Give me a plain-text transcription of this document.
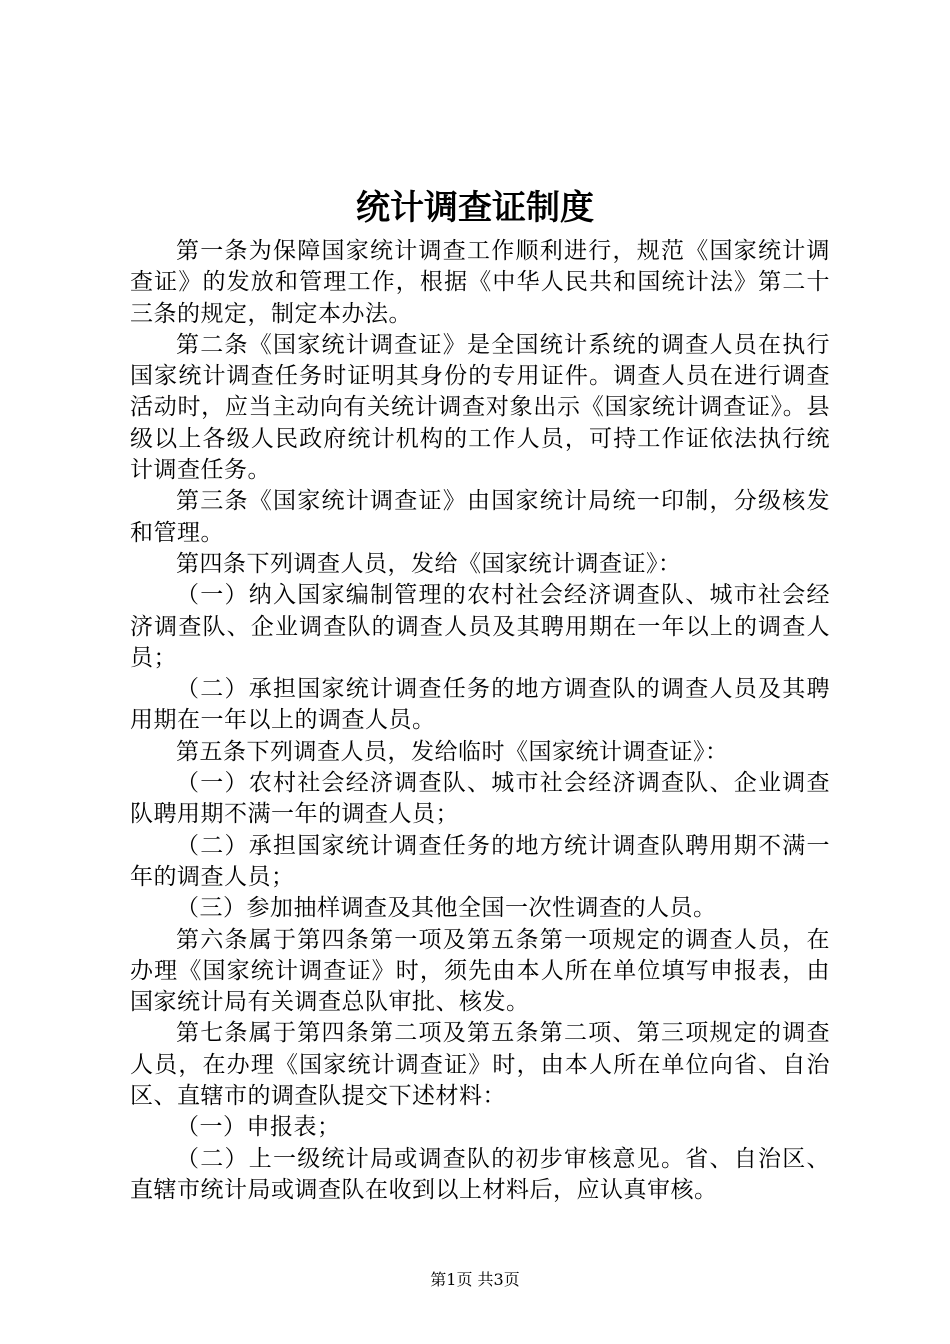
统计调查证制度

第一条为保障国家统计调查工作顺利进行，规范《国家统计调查证》的发放和管理工作，根据《中华人民共和国统计法》第二十三条的规定，制定本办法。

第二条《国家统计调查证》是全国统计系统的调查人员在执行国家统计调查任务时证明其身份的专用证件。调查人员在进行调查活动时，应当主动向有关统计调查对象出示《国家统计调查证》。县级以上各级人民政府统计机构的工作人员，可持工作证依法执行统计调查任务。

第三条《国家统计调查证》由国家统计局统一印制，分级核发和管理。

第四条下列调查人员，发给《国家统计调查证》：

（一）纳入国家编制管理的农村社会经济调查队、城市社会经济调查队、企业调查队的调查人员及其聘用期在一年以上的调查人员；

（二）承担国家统计调查任务的地方调查队的调查人员及其聘用期在一年以上的调查人员。

第五条下列调查人员，发给临时《国家统计调查证》：

（一）农村社会经济调查队、城市社会经济调查队、企业调查队聘用期不满一年的调查人员；

（二）承担国家统计调查任务的地方统计调查队聘用期不满一年的调查人员；

（三）参加抽样调查及其他全国一次性调查的人员。

第六条属于第四条第一项及第五条第一项规定的调查人员，在办理《国家统计调查证》时，须先由本人所在单位填写申报表，由国家统计局有关调查总队审批、核发。

第七条属于第四条第二项及第五条第二项、第三项规定的调查人员，在办理《国家统计调查证》时，由本人所在单位向省、自治区、直辖市的调查队提交下述材料：

（一）申报表；

（二）上一级统计局或调查队的初步审核意见。省、自治区、直辖市统计局或调查队在收到以上材料后，应认真审核。

第1页 共3页
